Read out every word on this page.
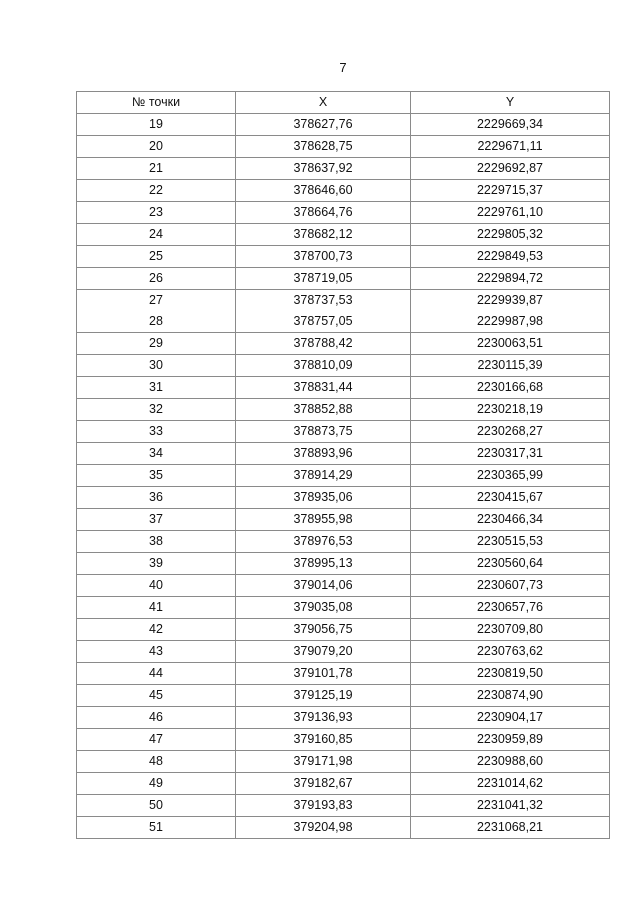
7
№ точки	X	Y
19	378627,76	2229669,34
20	378628,75	2229671,11
21	378637,92	2229692,87
22	378646,60	2229715,37
23	378664,76	2229761,10
24	378682,12	2229805,32
25	378700,73	2229849,53
26	378719,05	2229894,72
27	378737,53	2229939,87
28	378757,05	2229987,98
29	378788,42	2230063,51
30	378810,09	2230115,39
31	378831,44	2230166,68
32	378852,88	2230218,19
33	378873,75	2230268,27
34	378893,96	2230317,31
35	378914,29	2230365,99
36	378935,06	2230415,67
37	378955,98	2230466,34
38	378976,53	2230515,53
39	378995,13	2230560,64
40	379014,06	2230607,73
41	379035,08	2230657,76
42	379056,75	2230709,80
43	379079,20	2230763,62
44	379101,78	2230819,50
45	379125,19	2230874,90
46	379136,93	2230904,17
47	379160,85	2230959,89
48	379171,98	2230988,60
49	379182,67	2231014,62
50	379193,83	2231041,32
51	379204,98	2231068,21
